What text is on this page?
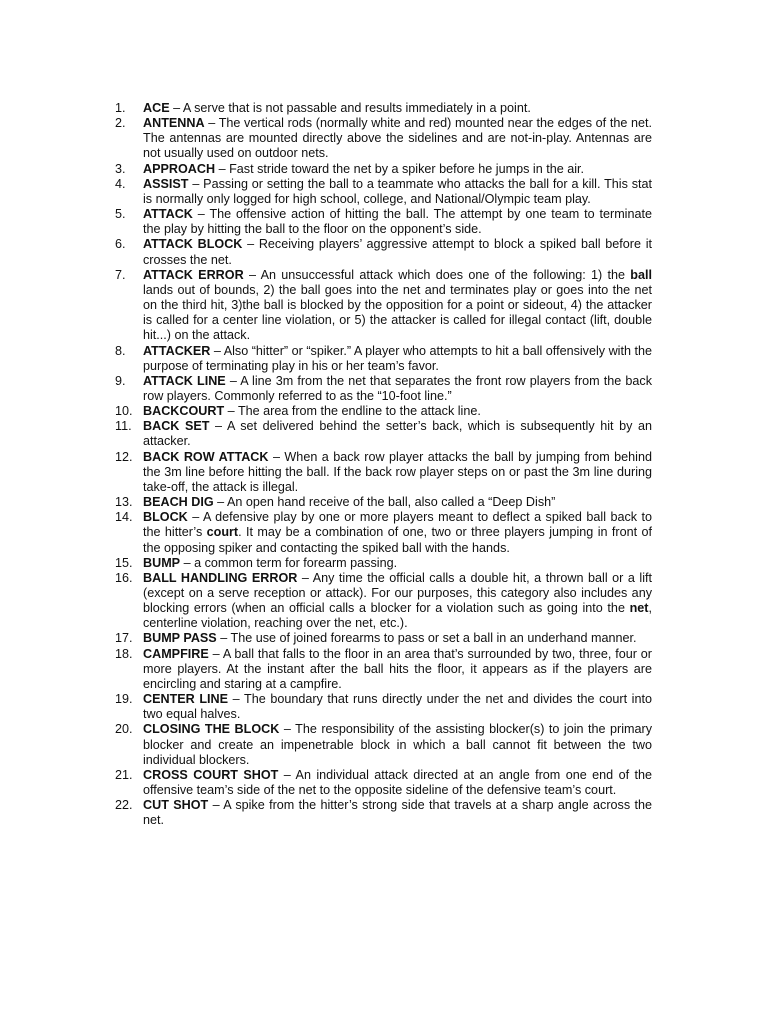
1.	ACE – A serve that is not passable and results immediately in a point.
2.	ANTENNA – The vertical rods (normally white and red) mounted near the edges of the net. The antennas are mounted directly above the sidelines and are not-in-play. Antennas are not usually used on outdoor nets.
3.	APPROACH – Fast stride toward the net by a spiker before he jumps in the air.
4.	ASSIST – Passing or setting the ball to a teammate who attacks the ball for a kill. This stat is normally only logged for high school, college, and National/Olympic team play.
5.	ATTACK – The offensive action of hitting the ball. The attempt by one team to terminate the play by hitting the ball to the floor on the opponent’s side.
6.	ATTACK BLOCK – Receiving players’ aggressive attempt to block a spiked ball before it crosses the net.
7.	ATTACK ERROR – An unsuccessful attack which does one of the following: 1) the ball lands out of bounds, 2) the ball goes into the net and terminates play or goes into the net on the third hit, 3)the ball is blocked by the opposition for a point or sideout, 4) the attacker is called for a center line violation, or 5) the attacker is called for illegal contact (lift, double hit...) on the attack.
8.	ATTACKER – Also “hitter” or “spiker.” A player who attempts to hit a ball offensively with the purpose of terminating play in his or her team’s favor.
9.	ATTACK LINE – A line 3m from the net that separates the front row players from the back row players. Commonly referred to as the “10-foot line.”
10. BACKCOURT – The area from the endline to the attack line.
11. BACK SET – A set delivered behind the setter’s back, which is subsequently hit by an attacker.
12. BACK ROW ATTACK – When a back row player attacks the ball by jumping from behind the 3m line before hitting the ball. If the back row player steps on or past the 3m line during take-off, the attack is illegal.
13. BEACH DIG – An open hand receive of the ball, also called a “Deep Dish”
14. BLOCK – A defensive play by one or more players meant to deflect a spiked ball back to the hitter’s court. It may be a combination of one, two or three players jumping in front of the opposing spiker and contacting the spiked ball with the hands.
15. BUMP – a common term for forearm passing.
16. BALL HANDLING ERROR – Any time the official calls a double hit, a thrown ball or a lift (except on a serve reception or attack). For our purposes, this category also includes any blocking errors (when an official calls a blocker for a violation such as going into the net, centerline violation, reaching over the net, etc.).
17. BUMP PASS – The use of joined forearms to pass or set a ball in an underhand manner.
18. CAMPFIRE – A ball that falls to the floor in an area that’s surrounded by two, three, four or more players. At the instant after the ball hits the floor, it appears as if the players are encircling and staring at a campfire.
19. CENTER LINE – The boundary that runs directly under the net and divides the court into two equal halves.
20. CLOSING THE BLOCK – The responsibility of the assisting blocker(s) to join the primary blocker and create an impenetrable block in which a ball cannot fit between the two individual blockers.
21. CROSS COURT SHOT – An individual attack directed at an angle from one end of the offensive team’s side of the net to the opposite sideline of the defensive team’s court.
22. CUT SHOT – A spike from the hitter’s strong side that travels at a sharp angle across the net.
